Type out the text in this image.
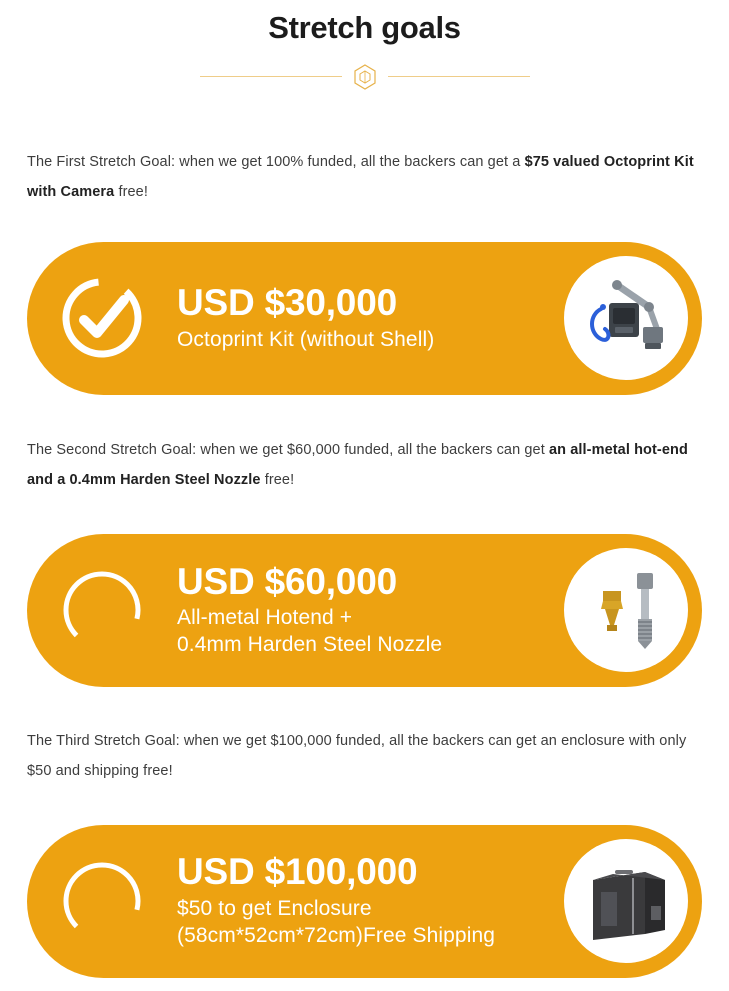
Stretch goals

The First Stretch Goal: when we get 100% funded, all the backers can get a $75 valued Octoprint Kit with Camera free!

USD $30,000
Octoprint Kit (without Shell)

The Second Stretch Goal: when we get $60,000 funded, all the backers can get an all-metal hot-end and a 0.4mm Harden Steel Nozzle free!

USD $60,000
All-metal Hotend +
0.4mm Harden Steel Nozzle

The Third Stretch Goal: when we get $100,000 funded, all the backers can get an enclosure with only $50 and shipping free!

USD $100,000
$50 to get Enclosure
(58cm*52cm*72cm)Free Shipping
